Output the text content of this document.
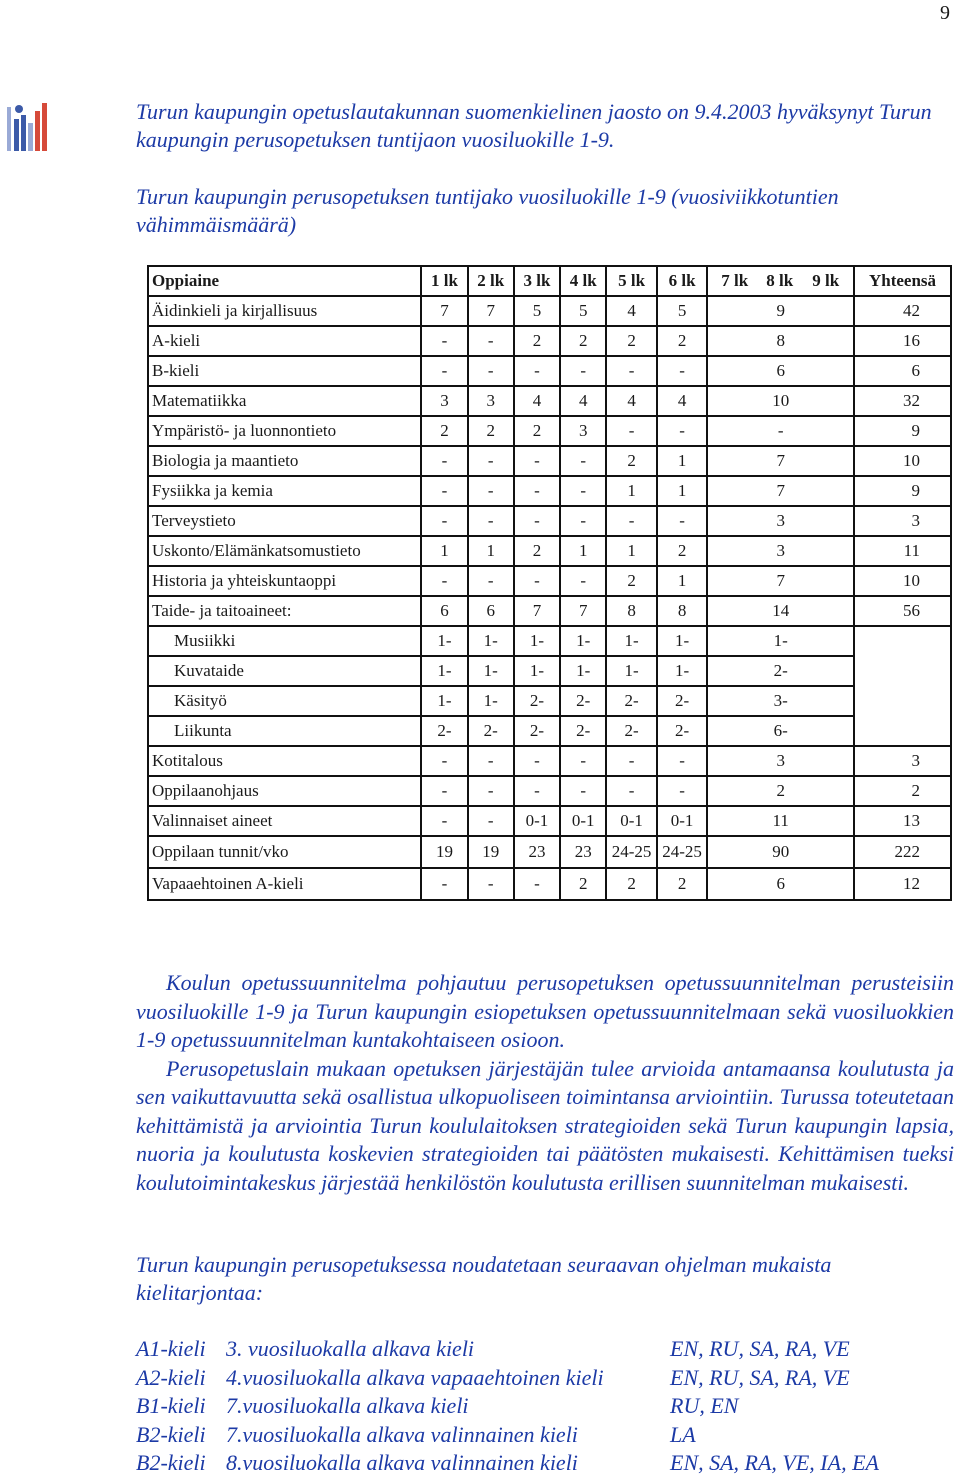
9

Turun kaupungin opetuslautakunnan suomenkielinen jaosto on 9.4.2003 hyväksynyt Turun kaupungin perusopetuksen tuntijaon vuosiluokille 1-9.

Turun kaupungin perusopetuksen tuntijako vuosiluokille 1-9 (vuosiviikkotuntien vähimmäismäärä)

Oppiaine	1 lk	2 lk	3 lk	4 lk	5 lk	6 lk	7 lk 8 lk 9 lk	Yhteensä
Äidinkieli ja kirjallisuus	7	7	5	5	4	5	9	42
A-kieli	-	-	2	2	2	2	8	16
B-kieli	-	-	-	-	-	-	6	6
Matematiikka	3	3	4	4	4	4	10	32
Ympäristö- ja luonnontieto	2	2	2	3	-	-	-	9
Biologia ja maantieto	-	-	-	-	2	1	7	10
Fysiikka ja kemia	-	-	-	-	1	1	7	9
Terveystieto	-	-	-	-	-	-	3	3
Uskonto/Elämänkatsomustieto	1	1	2	1	1	2	3	11
Historia ja yhteiskuntaoppi	-	-	-	-	2	1	7	10
Taide- ja taitoaineet:	6	6	7	7	8	8	14	56
Musiikki	1-	1-	1-	1-	1-	1-	1-	
Kuvataide	1-	1-	1-	1-	1-	1-	2-	
Käsityö	1-	1-	2-	2-	2-	2-	3-	
Liikunta	2-	2-	2-	2-	2-	2-	6-	
Kotitalous	-	-	-	-	-	-	3	3
Oppilaanohjaus	-	-	-	-	-	-	2	2
Valinnaiset aineet	-	-	0-1	0-1	0-1	0-1	11	13
Oppilaan tunnit/vko	19	19	23	23	24-25	24-25	90	222
Vapaaehtoinen A-kieli	-	-	-	2	2	2	6	12
Koulun opetussuunnitelma pohjautuu perusopetuksen opetussuunnitelman perusteisiin vuosiluokille 1-9 ja Turun kaupungin esiopetuksen opetussuunnitelmaan sekä vuosiluokkien 1-9 opetussuunnitelman kuntakohtaiseen osioon.
Perusopetuslain mukaan opetuksen järjestäjän tulee arvioida antamaansa koulutusta ja sen vaikuttavuutta sekä osallistua ulkopuoliseen toimintansa arviointiin. Turussa toteutetaan kehittämistä ja arviointia Turun koululaitoksen strategioiden sekä Turun kaupungin lapsia, nuoria ja koulutusta koskevien strategioiden tai päätösten mukaisesti. Kehittämisen tueksi koulutoimintakeskus järjestää henkilöstön koulutusta erillisen suunnitelman mukaisesti.

Turun kaupungin perusopetuksessa noudatetaan seuraavan ohjelman mukaista kielitarjontaa:

A1-kieli 3. vuosiluokalla alkava kieli	EN, RU, SA, RA, VE
A2-kieli 4.vuosiluokalla alkava vapaaehtoinen kieli	EN, RU, SA, RA, VE
B1-kieli 7.vuosiluokalla alkava kieli	RU, EN
B2-kieli 7.vuosiluokalla alkava valinnainen kieli	LA
B2-kieli 8.vuosiluokalla alkava valinnainen kieli	EN, SA, RA, VE, IA, EA
